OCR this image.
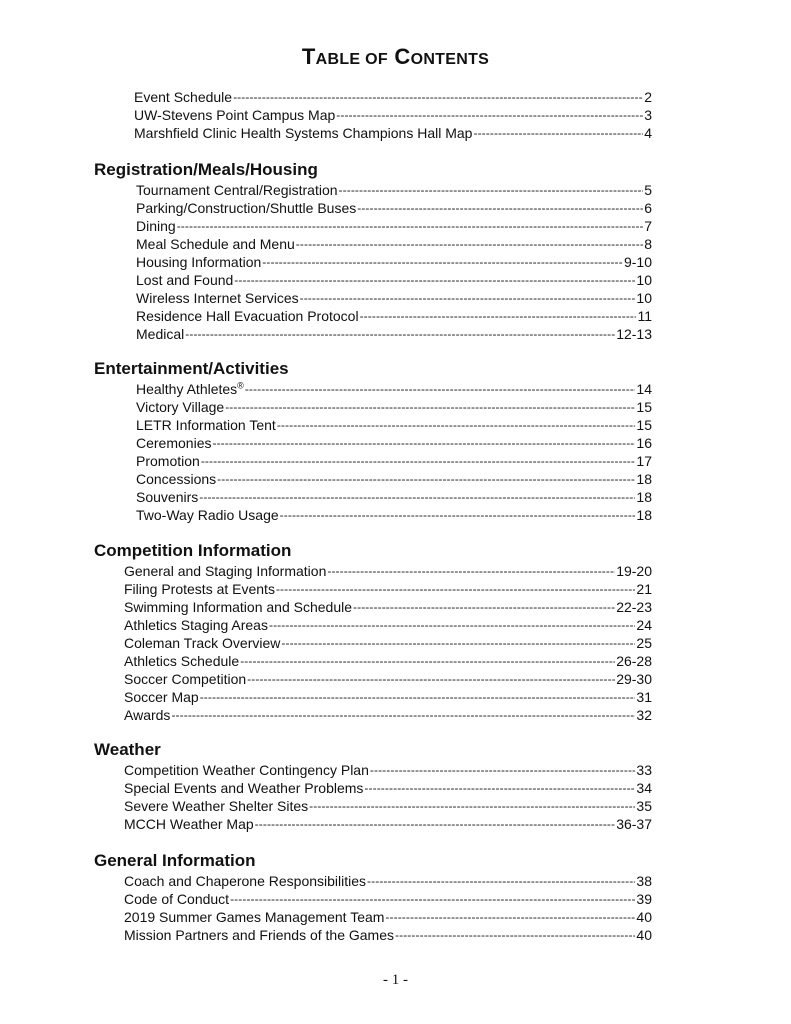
TABLE OF CONTENTS
Event Schedule -----	2
UW-Stevens Point Campus Map -----	3
Marshfield Clinic Health Systems Champions Hall Map -----	4
Registration/Meals/Housing
Tournament Central/Registration -----	5
Parking/Construction/Shuttle Buses -----	6
Dining -----	7
Meal Schedule and Menu -----	8
Housing Information -----	9-10
Lost and Found -----	10
Wireless Internet Services -----	10
Residence Hall Evacuation Protocol -----	11
Medical -----	12-13
Entertainment/Activities
Healthy Athletes® -----	14
Victory Village -----	15
LETR Information Tent -----	15
Ceremonies -----	16
Promotion -----	17
Concessions -----	18
Souvenirs -----	18
Two-Way Radio Usage -----	18
Competition Information
General and Staging Information -----	19-20
Filing Protests at Events -----	21
Swimming Information and Schedule -----	22-23
Athletics Staging Areas -----	24
Coleman Track Overview -----	25
Athletics Schedule -----	26-28
Soccer Competition -----	29-30
Soccer Map -----	31
Awards -----	32
Weather
Competition Weather Contingency Plan -----	33
Special Events and Weather Problems -----	34
Severe Weather Shelter Sites -----	35
MCCH Weather Map -----	36-37
General Information
Coach and Chaperone Responsibilities -----	38
Code of Conduct -----	39
2019 Summer Games Management Team -----	40
Mission Partners and Friends of the Games -----	40
- 1 -
